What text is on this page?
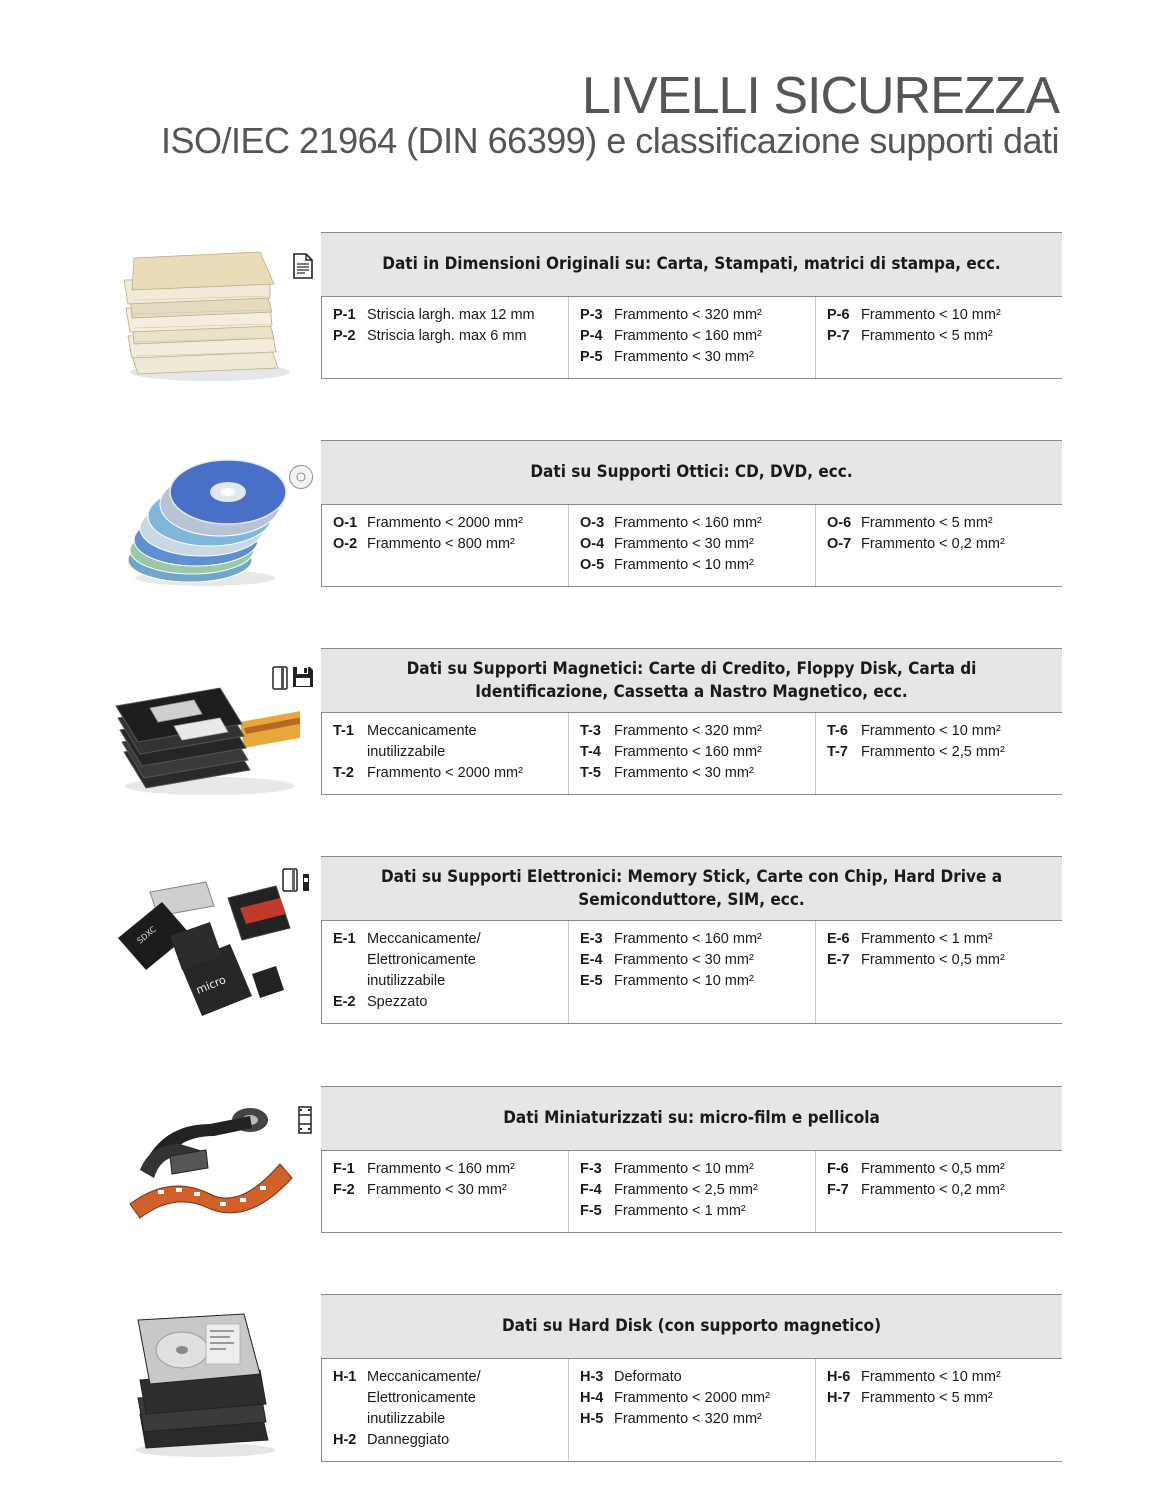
LIVELLI SICUREZZA
ISO/IEC 21964 (DIN 66399) e classificazione supporti dati
Dati in Dimensioni Originali su: Carta, Stampati, matrici di stampa, ecc.
P-1 Striscia largh. max 12 mm
P-2 Striscia largh. max 6 mm
P-3 Frammento < 320 mm²
P-4 Frammento < 160 mm²
P-5 Frammento < 30 mm²
P-6 Frammento < 10 mm²
P-7 Frammento < 5 mm²
Dati su Supporti Ottici: CD, DVD, ecc.
O-1 Frammento < 2000 mm²
O-2 Frammento < 800 mm²
O-3 Frammento < 160 mm²
O-4 Frammento < 30 mm²
O-5 Frammento < 10 mm²
O-6 Frammento < 5 mm²
O-7 Frammento < 0,2 mm²
Dati su Supporti Magnetici: Carte di Credito, Floppy Disk, Carta di Identificazione, Cassetta a Nastro Magnetico, ecc.
T-1 Meccanicamente inutilizzabile
T-2 Frammento < 2000 mm²
T-3 Frammento < 320 mm²
T-4 Frammento < 160 mm²
T-5 Frammento < 30 mm²
T-6 Frammento < 10 mm²
T-7 Frammento < 2,5 mm²
SDXC
micro
Dati su Supporti Elettronici: Memory Stick, Carte con Chip, Hard Drive a Semiconduttore, SIM, ecc.
E-1 Meccanicamente/ Elettronicamente inutilizzabile
E-2 Spezzato
E-3 Frammento < 160 mm²
E-4 Frammento < 30 mm²
E-5 Frammento < 10 mm²
E-6 Frammento < 1 mm²
E-7 Frammento < 0,5 mm²
Dati Miniaturizzati su: micro-film e pellicola
F-1 Frammento < 160 mm²
F-2 Frammento < 30 mm²
F-3 Frammento < 10 mm²
F-4 Frammento < 2,5 mm²
F-5 Frammento < 1 mm²
F-6 Frammento < 0,5 mm²
F-7 Frammento < 0,2 mm²
Dati su Hard Disk (con supporto magnetico)
H-1 Meccanicamente/ Elettronicamente inutilizzabile
H-2 Danneggiato
H-3 Deformato
H-4 Frammento < 2000 mm²
H-5 Frammento < 320 mm²
H-6 Frammento < 10 mm²
H-7 Frammento < 5 mm²
